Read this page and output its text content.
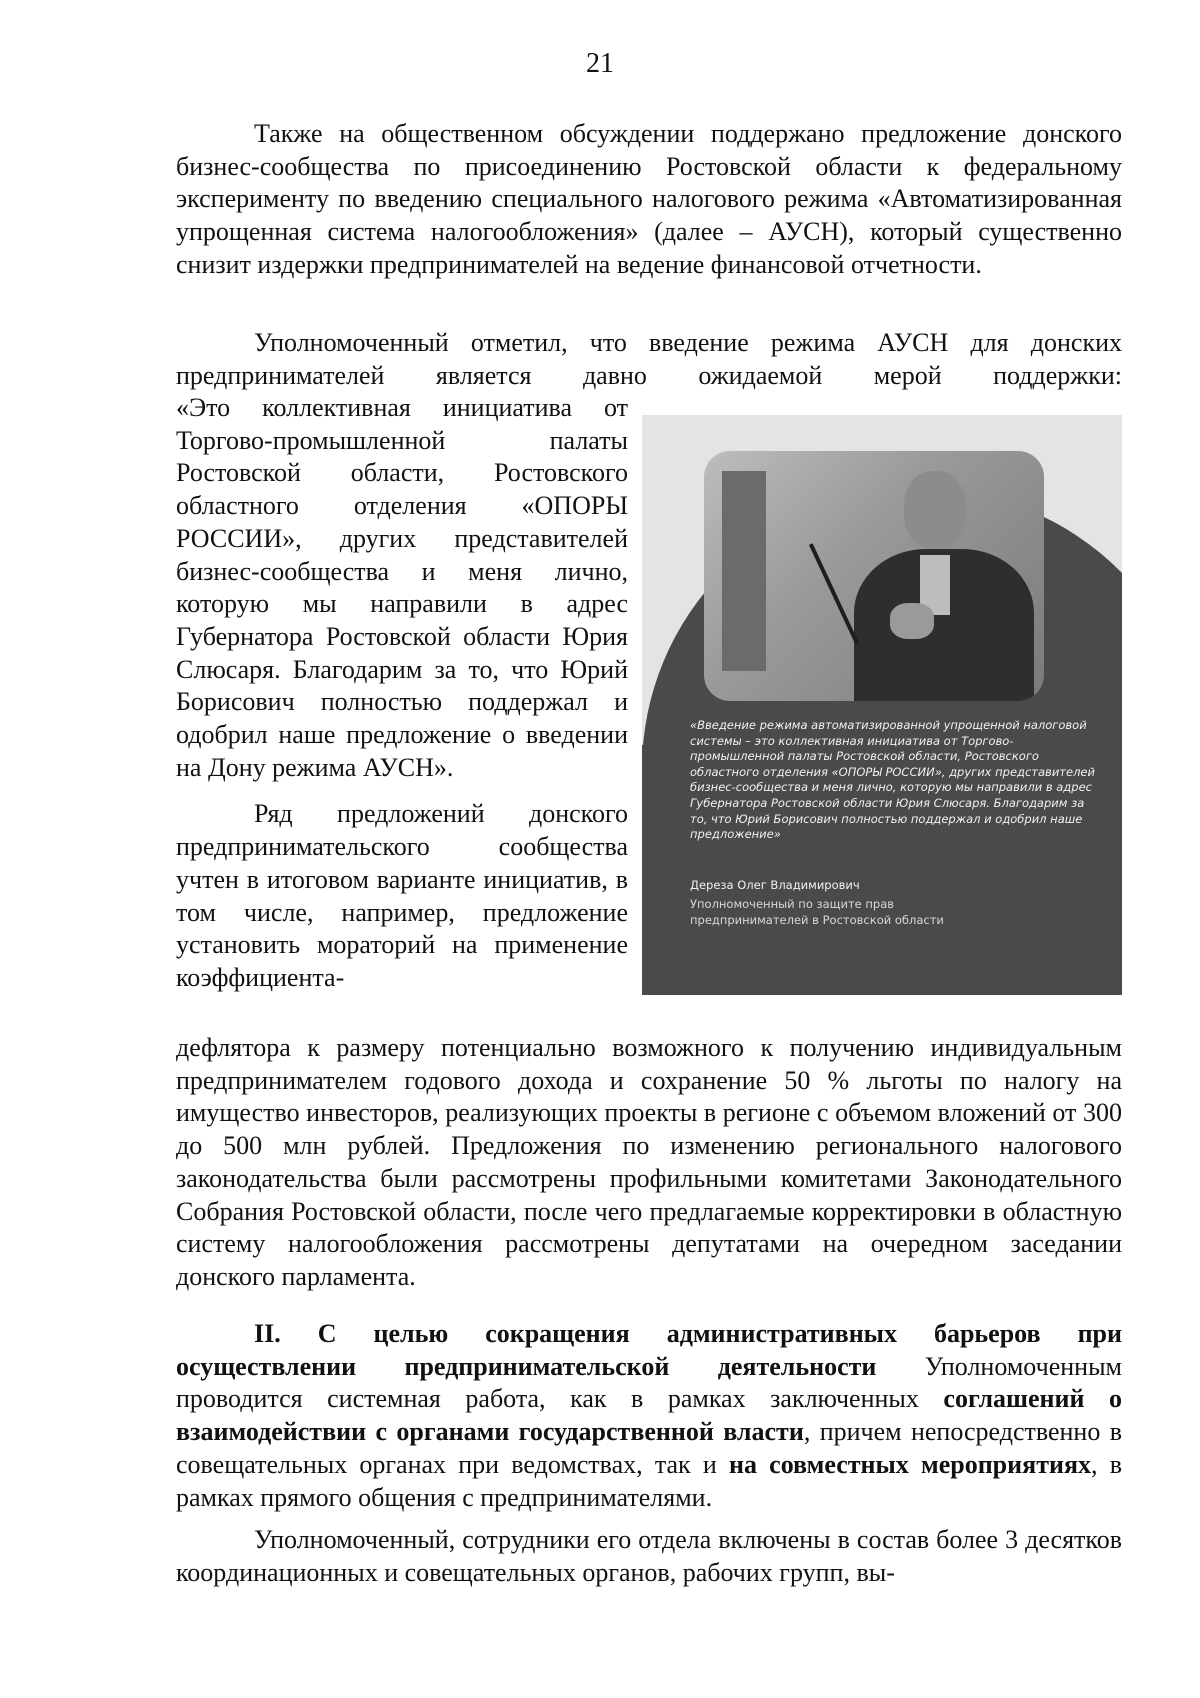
21

Также на общественном обсуждении поддержано предложение донского бизнес-сообщества по присоединению Ростовской области к федеральному эксперименту по введению специального налогового режима «Автоматизированная упрощенная система налогообложения» (далее – АУСН), который существенно снизит издержки предпринимателей на ведение финансовой отчетности.

Уполномоченный отметил, что введение режима АУСН для донских предпринимателей является давно ожидаемой мерой поддержки:

«Это коллективная инициатива от Торгово-промышленной палаты Ростовской области, Ростовского областного отделения «ОПОРЫ РОССИИ», других представителей бизнес-сообщества и меня лично, которую мы направили в адрес Губернатора Ростовской области Юрия Слюсаря. Благодарим за то, что Юрий Борисович полностью поддержал и одобрил наше предложение о введении на Дону режима АУСН».

Ряд предложений донского предпринимательского сообщества учтен в итоговом варианте инициатив, в том числе, например, предложение установить мораторий на применение коэффициента-

«Введение режима автоматизированной упрощенной налоговой системы – это коллективная инициатива от Торгово-промышленной палаты Ростовской области, Ростовского областного отделения «ОПОРЫ РОССИИ», других представителей бизнес-сообщества и меня лично, которую мы направили в адрес Губернатора Ростовской области Юрия Слюсаря. Благодарим за то, что Юрий Борисович полностью поддержал и одобрил наше предложение»
Дереза Олег Владимирович
Уполномоченный по защите прав предпринимателей в Ростовской области

дефлятора к размеру потенциально возможного к получению индивидуальным предпринимателем годового дохода и сохранение 50 % льготы по налогу на имущество инвесторов, реализующих проекты в регионе с объемом вложений от 300 до 500 млн рублей. Предложения по изменению регионального налогового законодательства были рассмотрены профильными комитетами Законодательного Собрания Ростовской области, после чего предлагаемые корректировки в областную систему налогообложения рассмотрены депутатами на очередном заседании донского парламента.

II. С целью сокращения административных барьеров при осуществлении предпринимательской деятельности Уполномоченным проводится системная работа, как в рамках заключенных соглашений о взаимодействии с органами государственной власти, причем непосредственно в совещательных органах при ведомствах, так и на совместных мероприятиях, в рамках прямого общения с предпринимателями.

Уполномоченный, сотрудники его отдела включены в состав более 3 десятков координационных и совещательных органов, рабочих групп, вы-
